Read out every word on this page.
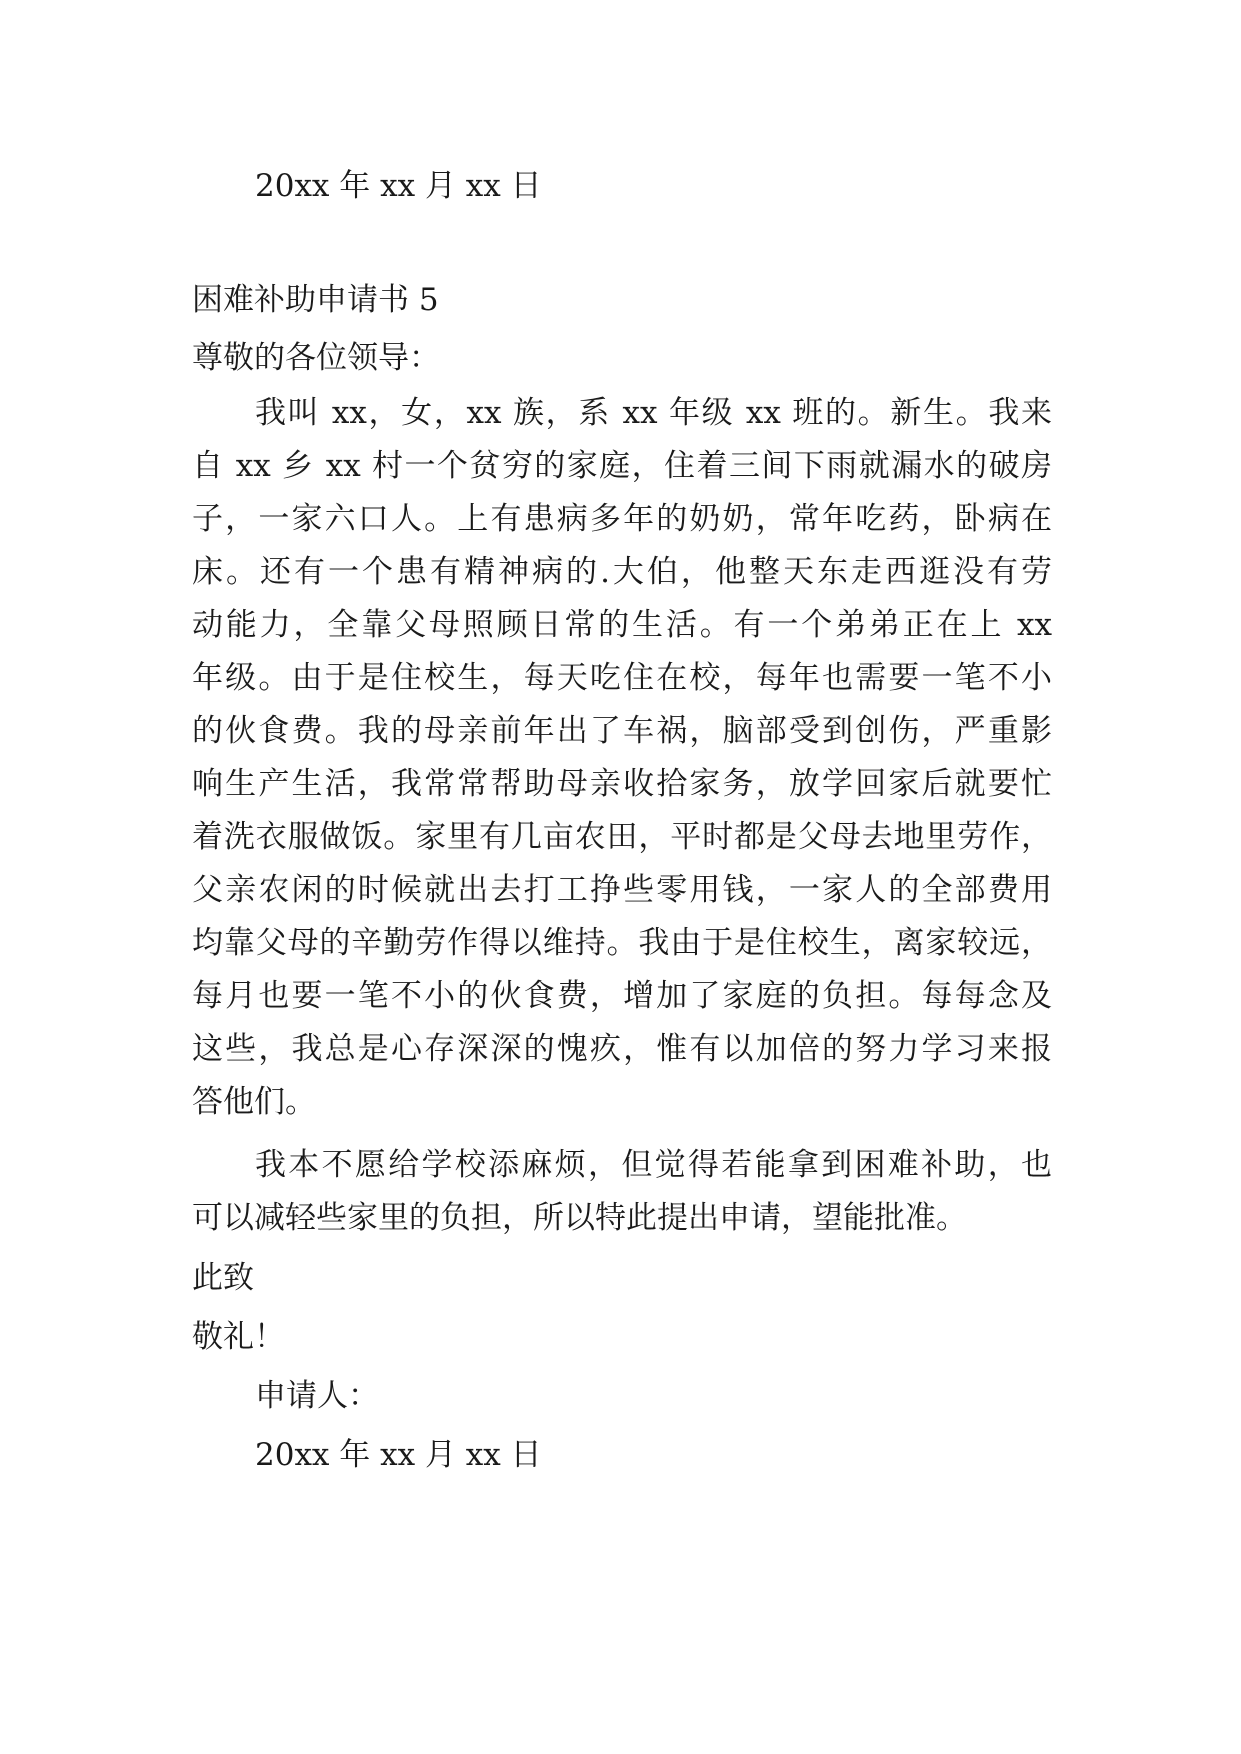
20xx 年 xx 月 xx 日
困难补助申请书 5
尊敬的各位领导：
我叫 xx，女，xx 族，系 xx 年级 xx 班的。新生。我来
自 xx 乡 xx 村一个贫穷的家庭，住着三间下雨就漏水的破房
子，一家六口人。上有患病多年的奶奶，常年吃药，卧病在
床。还有一个患有精神病的.大伯，他整天东走西逛没有劳
动能力，全靠父母照顾日常的生活。有一个弟弟正在上 xx
年级。由于是住校生，每天吃住在校，每年也需要一笔不小
的伙食费。我的母亲前年出了车祸，脑部受到创伤，严重影
响生产生活，我常常帮助母亲收拾家务，放学回家后就要忙
着洗衣服做饭。家里有几亩农田，平时都是父母去地里劳作，
父亲农闲的时候就出去打工挣些零用钱，一家人的全部费用
均靠父母的辛勤劳作得以维持。我由于是住校生，离家较远，
每月也要一笔不小的伙食费，增加了家庭的负担。每每念及
这些，我总是心存深深的愧疚，惟有以加倍的努力学习来报
答他们。
我本不愿给学校添麻烦，但觉得若能拿到困难补助，也
可以减轻些家里的负担，所以特此提出申请，望能批准。
此致
敬礼！
申请人：
20xx 年 xx 月 xx 日
